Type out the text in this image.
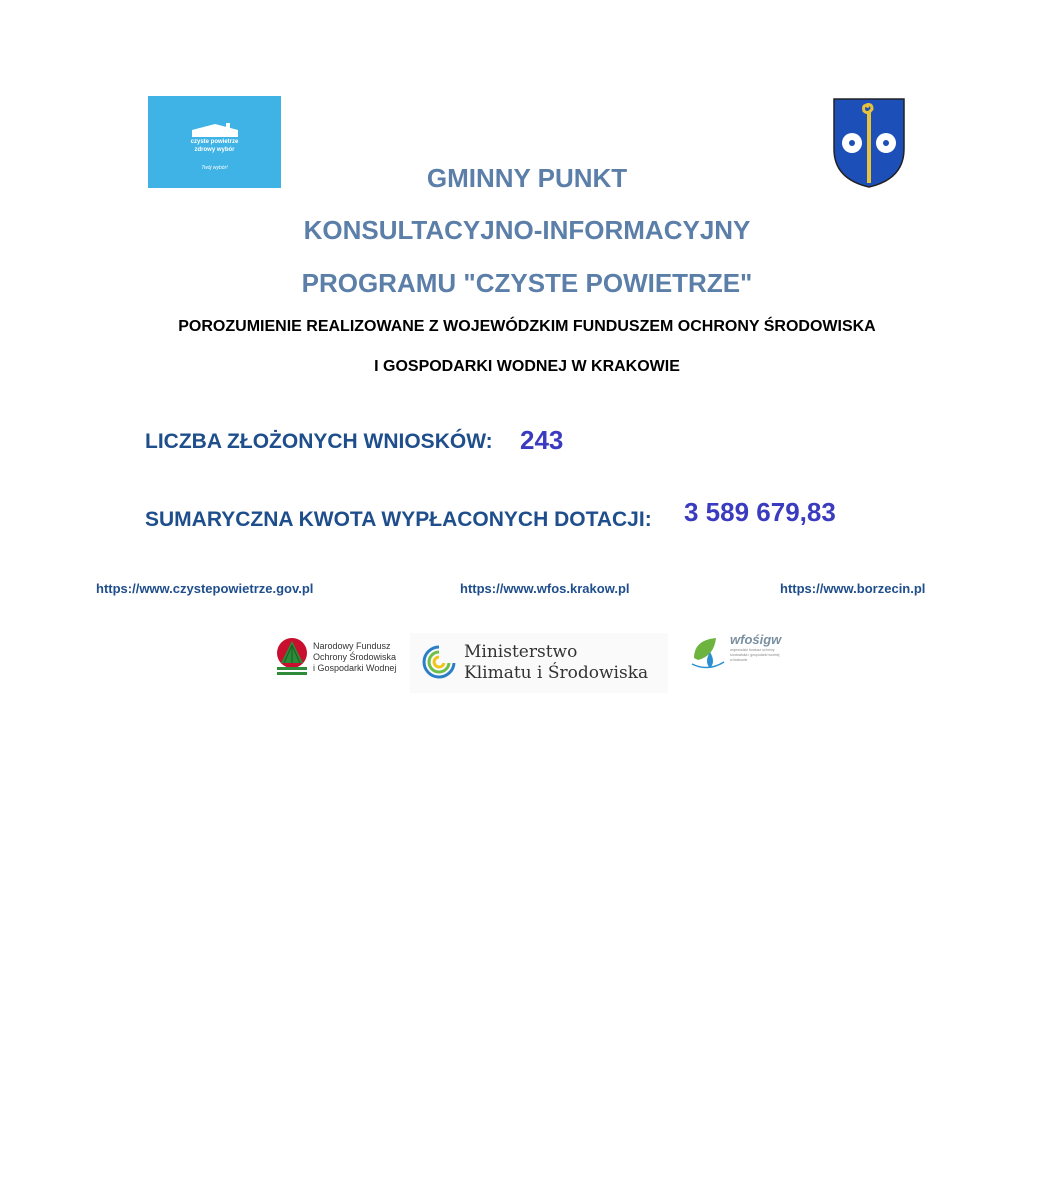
czyste powietrze
zdrowy wybór
Twój wybór!	GMINNY PUNKT
KONSULTACYJNO-INFORMACYJNY
PROGRAMU "CZYSTE POWIETRZE"
POROZUMIENIE REALIZOWANE Z WOJEWÓDZKIM FUNDUSZEM OCHRONY ŚRODOWISKA
I GOSPODARKI WODNEJ W KRAKOWIE
LICZBA ZŁOŻONYCH WNIOSKÓW: 243
SUMARYCZNA KWOTA WYPŁACONYCH DOTACJI: 3 589 679,83
https://www.czystepowietrze.gov.pl	https://www.wfos.krakow.pl	https://www.borzecin.pl
Narodowy Fundusz
Ochrony Środowiska
i Gospodarki Wodnej
Ministerstwo
Klimatu i Środowiska
wfośigw
wojewódzki fundusz ochrony środowiska i gospodarki wodnej w krakowie
